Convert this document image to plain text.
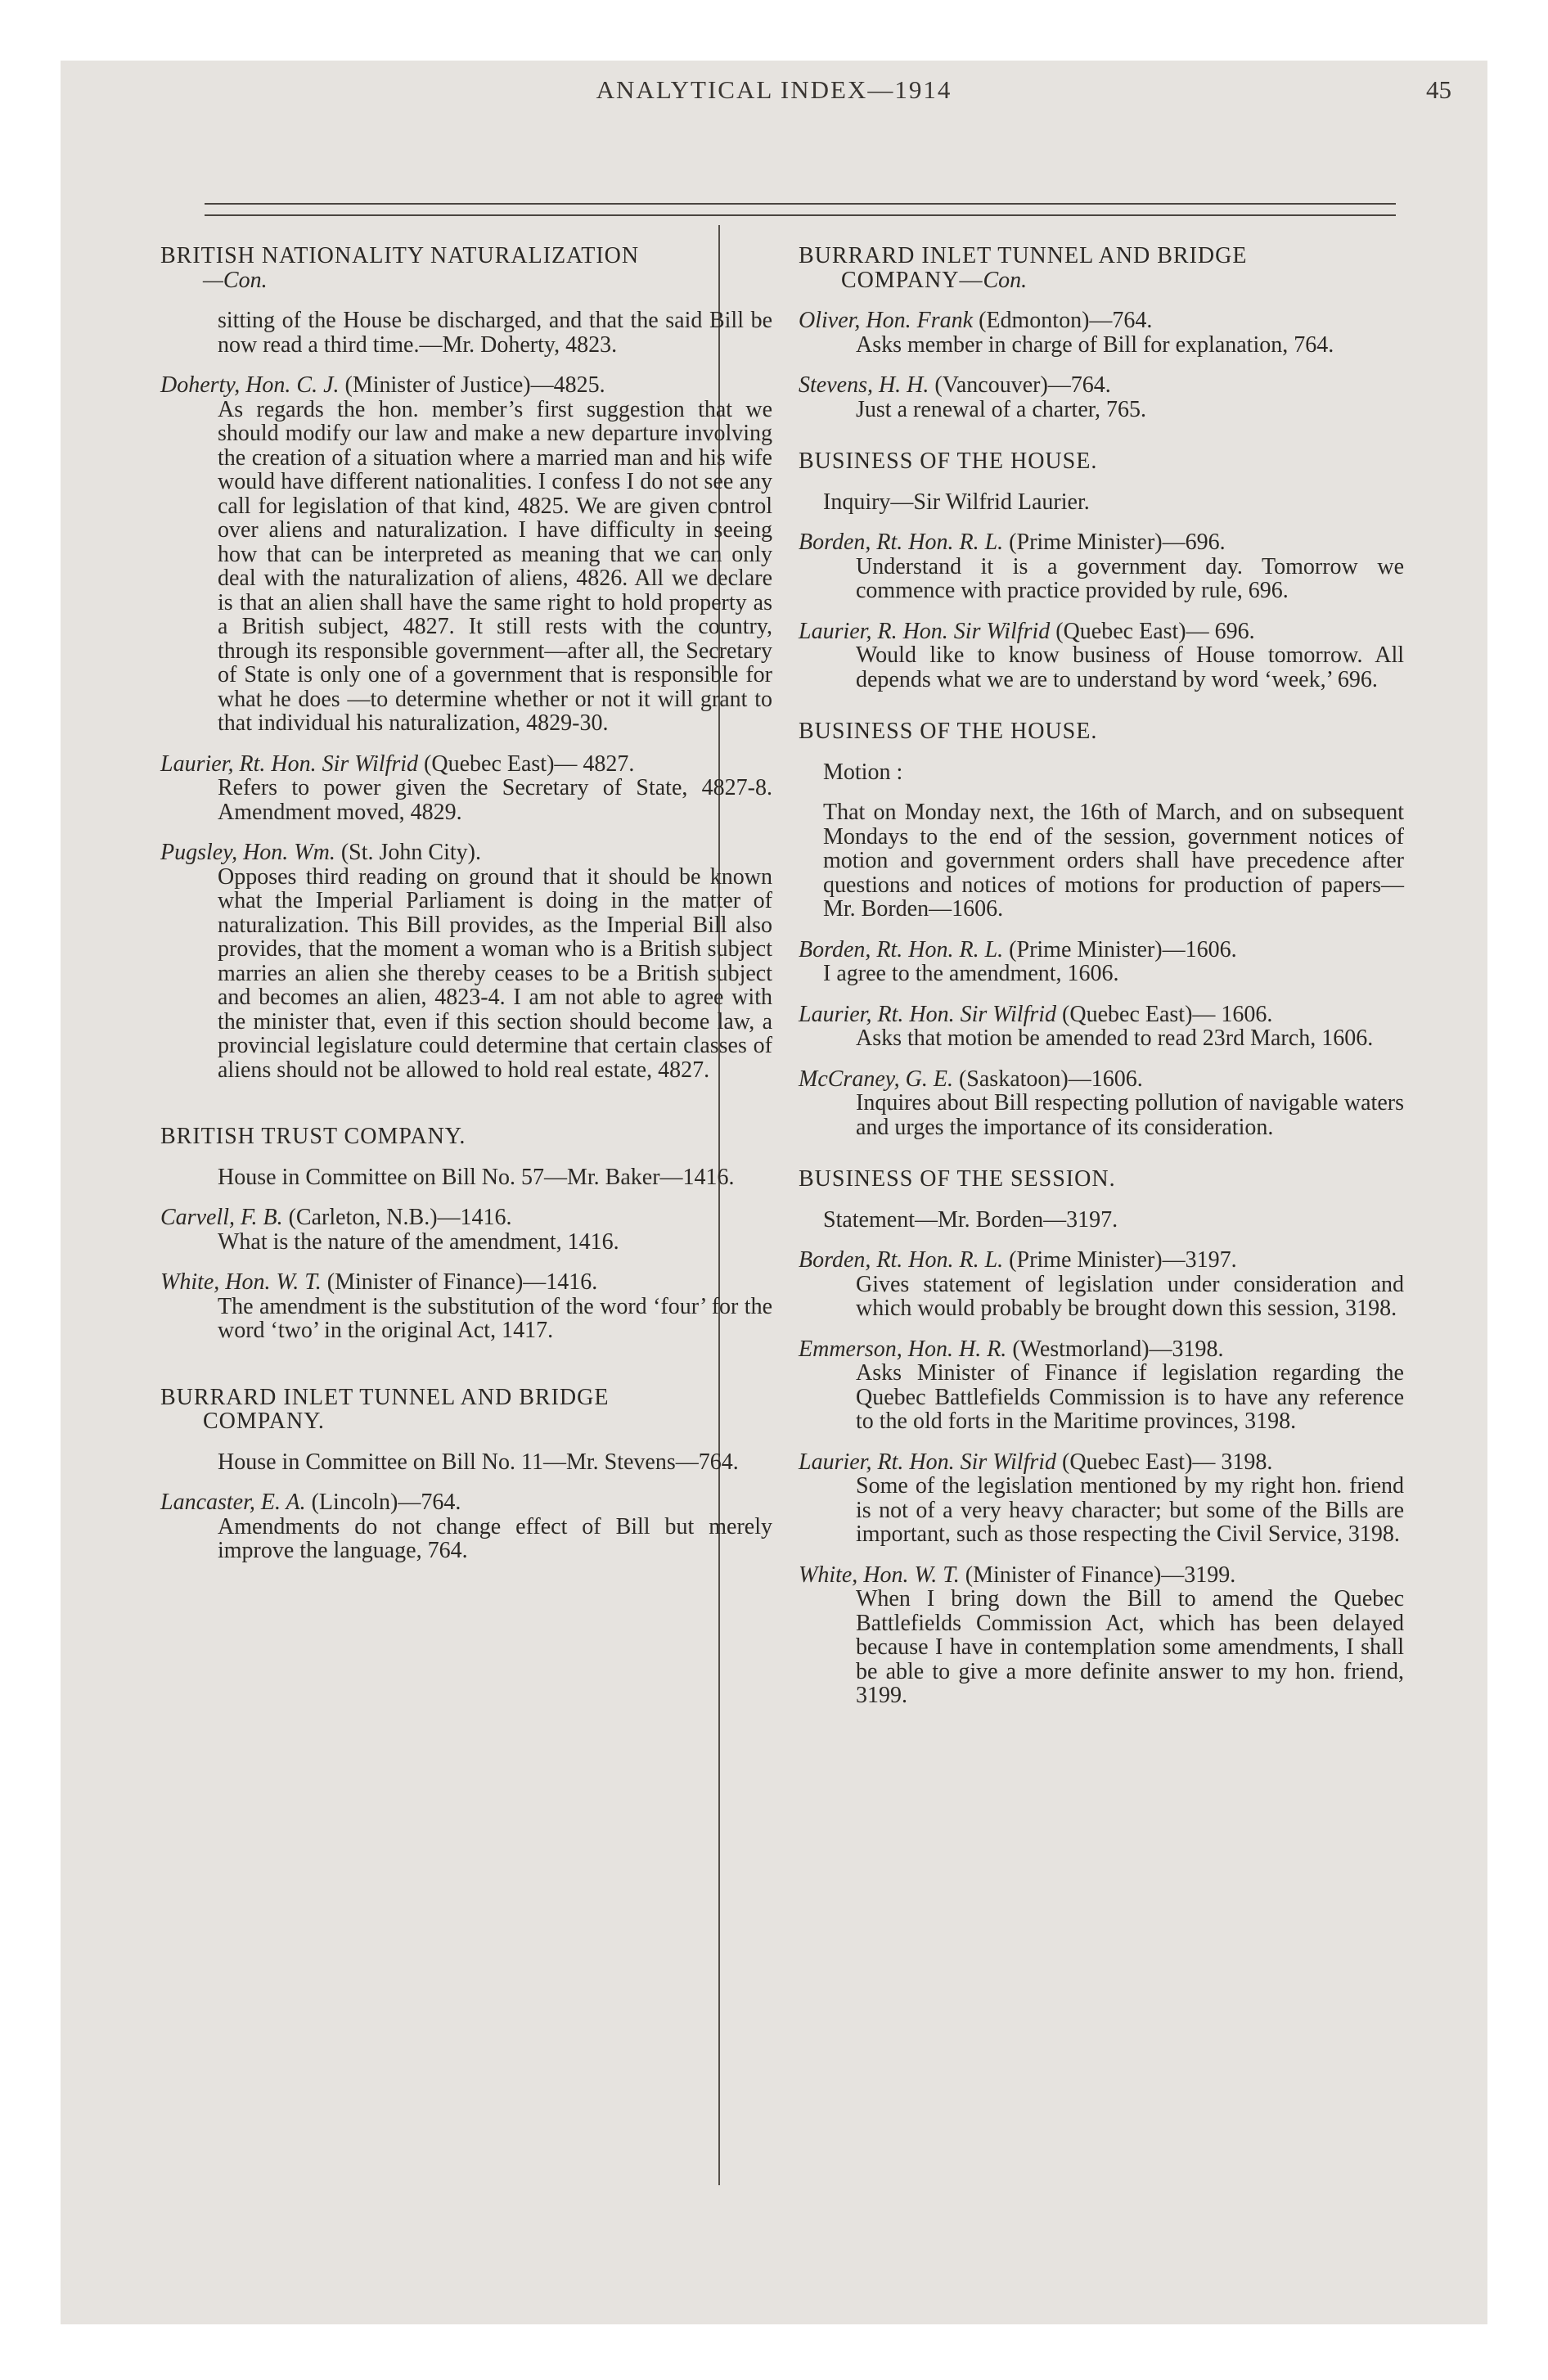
ANALYTICAL INDEX—1914	45

BRITISH NATIONALITY NATURALIZATION

—Con.

sitting of the House be discharged, and that the said Bill be now read a third time.—Mr. Doherty, 4823.

Doherty, Hon. C. J. (Minister of Justice)—4825.

As regards the hon. member’s first suggestion that we should modify our law and make a new departure involving the creation of a situation where a married man and his wife would have different nationalities. I confess I do not see any call for legislation of that kind, 4825. We are given control over aliens and naturalization. I have difficulty in seeing how that can be interpreted as meaning that we can only deal with the naturalization of aliens, 4826. All we declare is that an alien shall have the same right to hold property as a British subject, 4827. It still rests with the country, through its responsible government—after all, the Secretary of State is only one of a government that is responsible for what he does —to determine whether or not it will grant to that individual his naturalization, 4829-30.

Laurier, Rt. Hon. Sir Wilfrid (Quebec East)— 4827.

Refers to power given the Secretary of State, 4827-8. Amendment moved, 4829.

Pugsley, Hon. Wm. (St. John City).

Opposes third reading on ground that it should be known what the Imperial Parliament is doing in the matter of naturalization. This Bill provides, as the Imperial Bill also provides, that the moment a woman who is a British subject marries an alien she thereby ceases to be a British subject and becomes an alien, 4823-4. I am not able to agree with the minister that, even if this section should become law, a provincial legislature could determine that certain classes of aliens should not be allowed to hold real estate, 4827.

BRITISH TRUST COMPANY.

House in Committee on Bill No. 57—Mr. Baker—1416.

Carvell, F. B. (Carleton, N.B.)—1416.

What is the nature of the amendment, 1416.

White, Hon. W. T. (Minister of Finance)—1416.

The amendment is the substitution of the word ‘four’ for the word ‘two’ in the original Act, 1417.

BURRARD INLET TUNNEL AND BRIDGE

COMPANY.

House in Committee on Bill No. 11—Mr. Stevens—764.

Lancaster, E. A. (Lincoln)—764.

Amendments do not change effect of Bill but merely improve the language, 764.

BURRARD INLET TUNNEL AND BRIDGE

COMPANY—Con.

Oliver, Hon. Frank (Edmonton)—764.

Asks member in charge of Bill for explanation, 764.

Stevens, H. H. (Vancouver)—764.

Just a renewal of a charter, 765.

BUSINESS OF THE HOUSE.

Inquiry—Sir Wilfrid Laurier.

Borden, Rt. Hon. R. L. (Prime Minister)—696.

Understand it is a government day. Tomorrow we commence with practice provided by rule, 696.

Laurier, R. Hon. Sir Wilfrid (Quebec East)— 696.

Would like to know business of House tomorrow. All depends what we are to understand by word ‘week,’ 696.

BUSINESS OF THE HOUSE.

Motion :

That on Monday next, the 16th of March, and on subsequent Mondays to the end of the session, government notices of motion and government orders shall have precedence after questions and notices of motions for production of papers—Mr. Borden—1606.

Borden, Rt. Hon. R. L. (Prime Minister)—1606.

I agree to the amendment, 1606.

Laurier, Rt. Hon. Sir Wilfrid (Quebec East)— 1606.

Asks that motion be amended to read 23rd March, 1606.

McCraney, G. E. (Saskatoon)—1606.

Inquires about Bill respecting pollution of navigable waters and urges the importance of its consideration.

BUSINESS OF THE SESSION.

Statement—Mr. Borden—3197.

Borden, Rt. Hon. R. L. (Prime Minister)—3197.

Gives statement of legislation under consideration and which would probably be brought down this session, 3198.

Emmerson, Hon. H. R. (Westmorland)—3198.

Asks Minister of Finance if legislation regarding the Quebec Battlefields Commission is to have any reference to the old forts in the Maritime provinces, 3198.

Laurier, Rt. Hon. Sir Wilfrid (Quebec East)— 3198.

Some of the legislation mentioned by my right hon. friend is not of a very heavy character; but some of the Bills are important, such as those respecting the Civil Service, 3198.

White, Hon. W. T. (Minister of Finance)—3199.

When I bring down the Bill to amend the Quebec Battlefields Commission Act, which has been delayed because I have in contemplation some amendments, I shall be able to give a more definite answer to my hon. friend, 3199.
